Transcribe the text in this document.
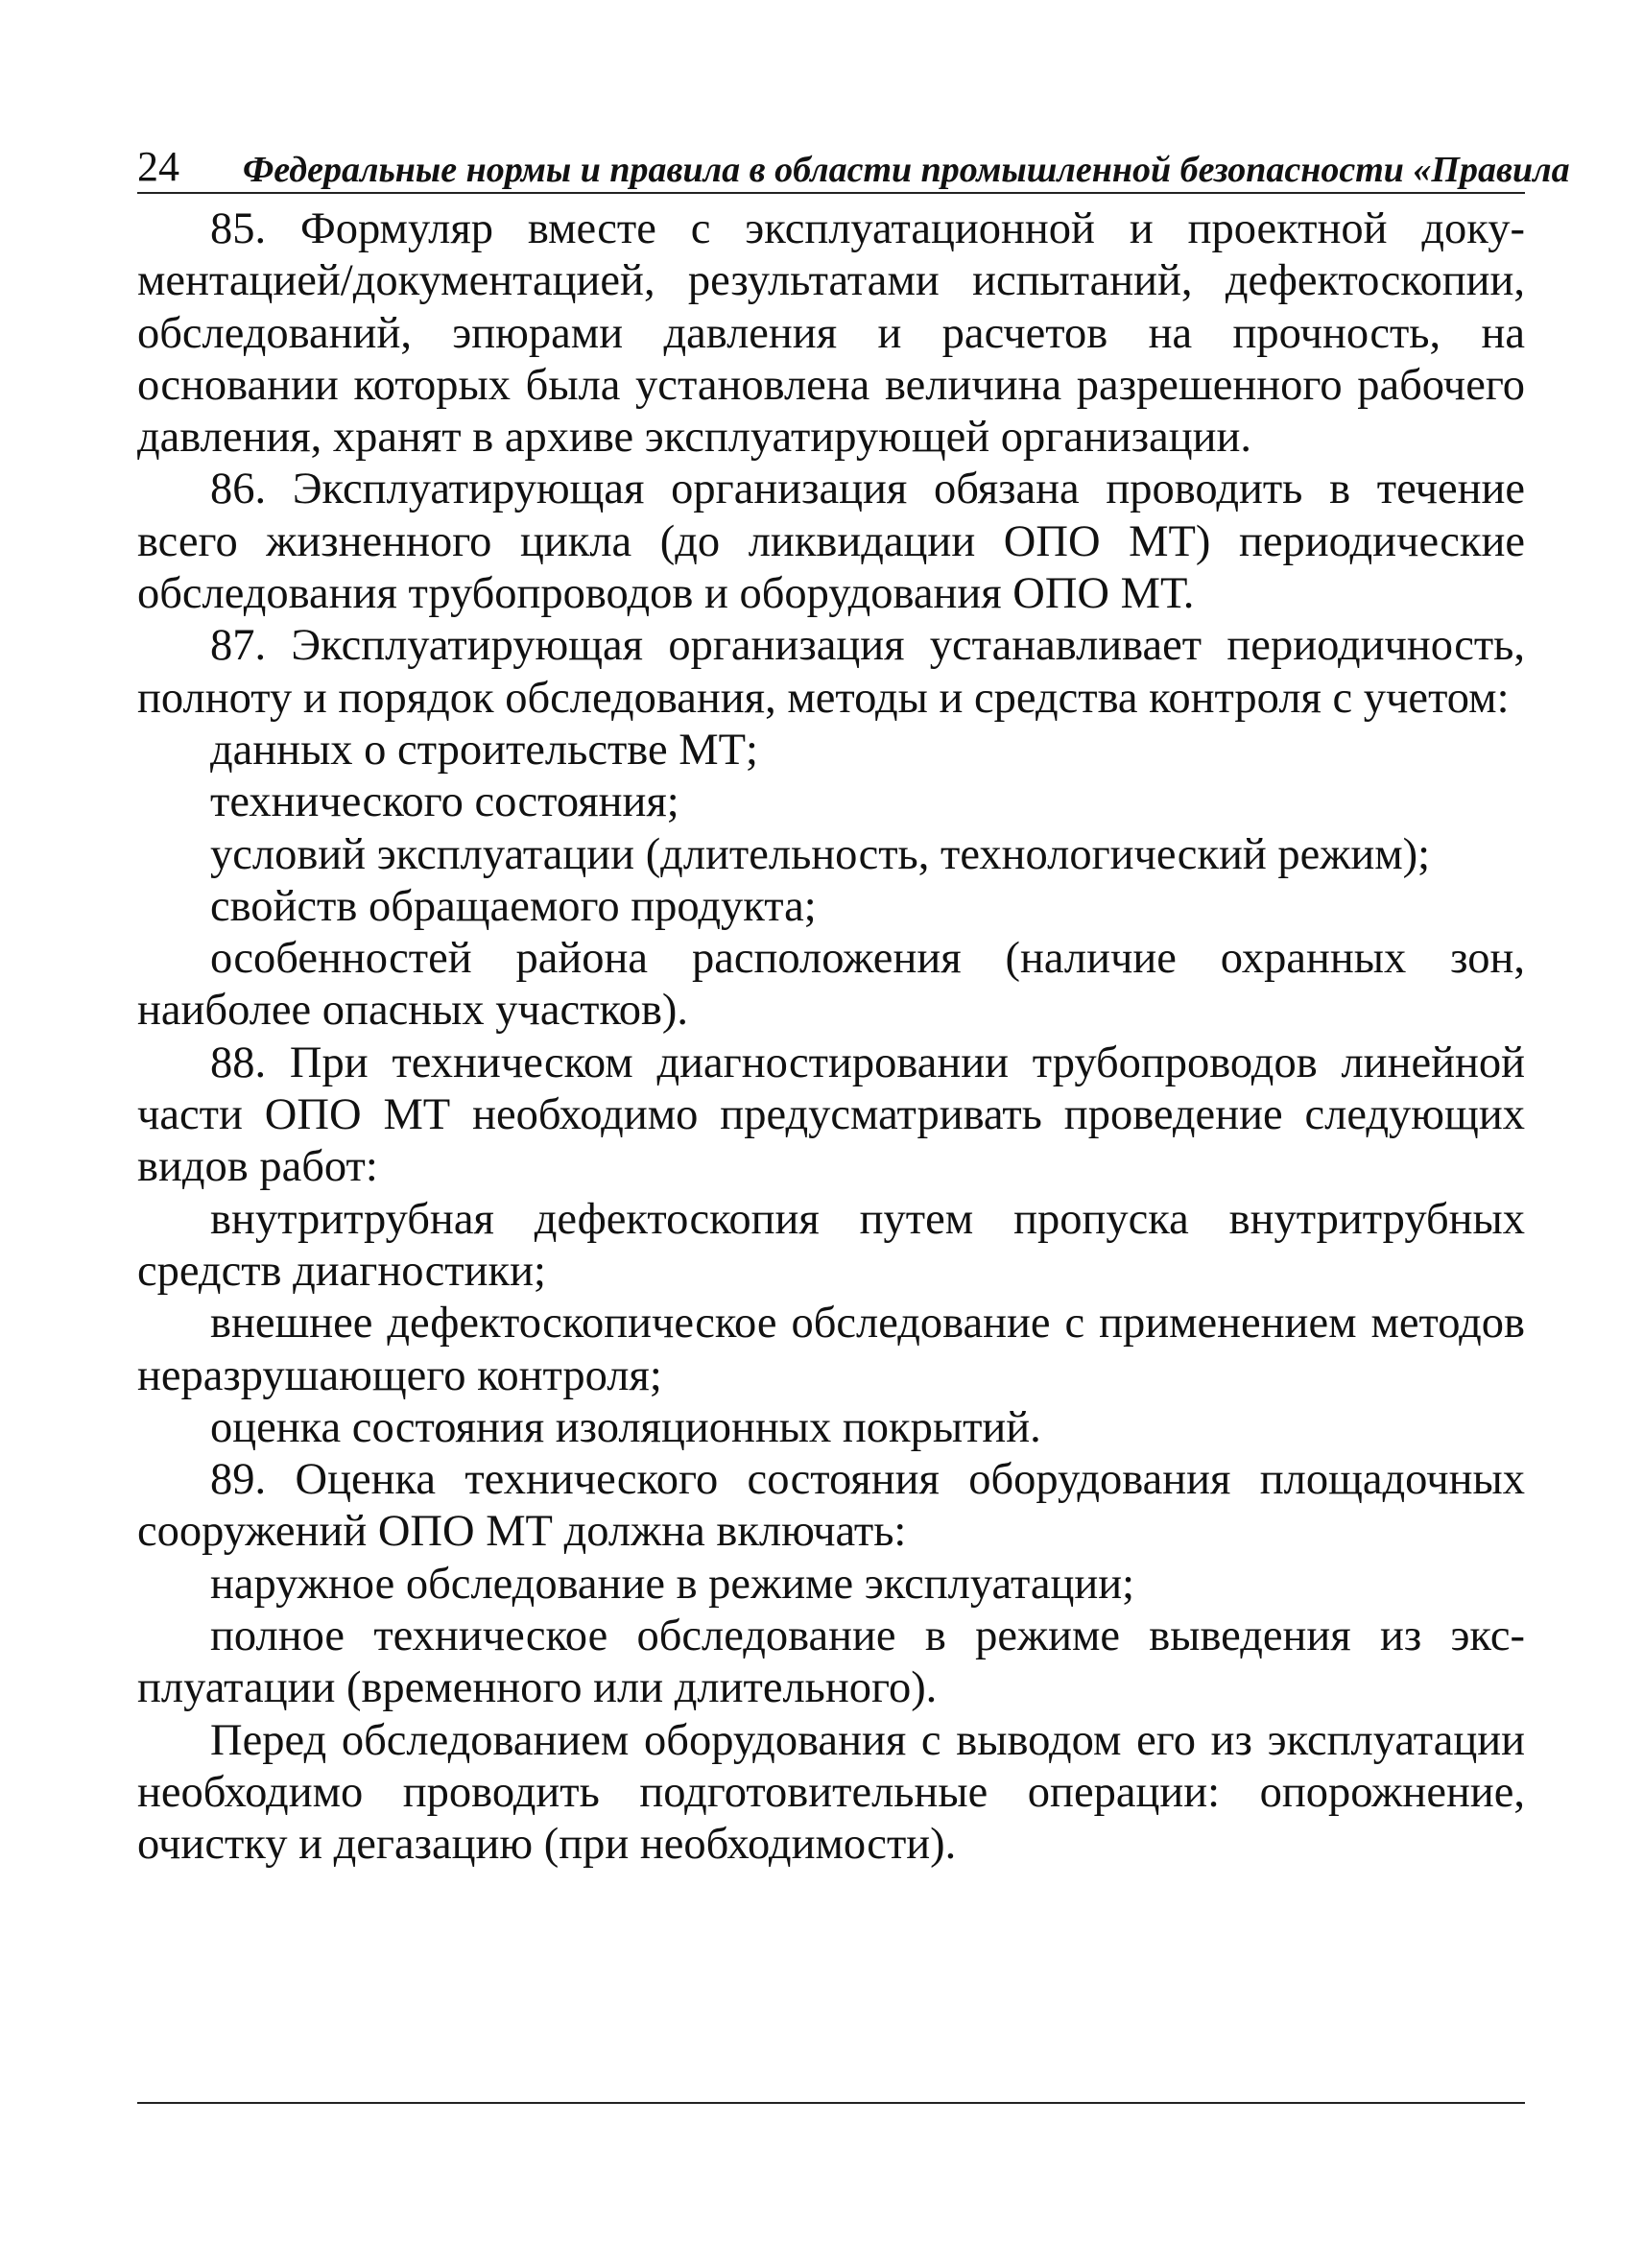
24 Федеральные нормы и правила в области промышленной безопасности «Правила

85. Формуляр вместе с эксплуатационной и проектной документацией/документацией, результатами испытаний, дефектоскопии, обследований, эпюрами давления и расчетов на прочность, на основании которых была установлена величина разрешенного рабочего давления, хранят в архиве эксплуатирующей организации.

86. Эксплуатирующая организация обязана проводить в течение всего жизненного цикла (до ликвидации ОПО МТ) периодические обследования трубопроводов и оборудования ОПО МТ.

87. Эксплуатирующая организация устанавливает периодичность, полноту и порядок обследования, методы и средства контроля с учетом:

данных о строительстве МТ;

технического состояния;

условий эксплуатации (длительность, технологический режим);

свойств обращаемого продукта;

особенностей района расположения (наличие охранных зон, наиболее опасных участков).

88. При техническом диагностировании трубопроводов линейной части ОПО МТ необходимо предусматривать проведение следующих видов работ:

внутритрубная дефектоскопия путем пропуска внутритрубных средств диагностики;

внешнее дефектоскопическое обследование с применением методов неразрушающего контроля;

оценка состояния изоляционных покрытий.

89. Оценка технического состояния оборудования площадочных сооружений ОПО МТ должна включать:

наружное обследование в режиме эксплуатации;

полное техническое обследование в режиме выведения из эксплуатации (временного или длительного).

Перед обследованием оборудования с выводом его из эксплуатации необходимо проводить подготовительные операции: опорожнение, очистку и дегазацию (при необходимости).
